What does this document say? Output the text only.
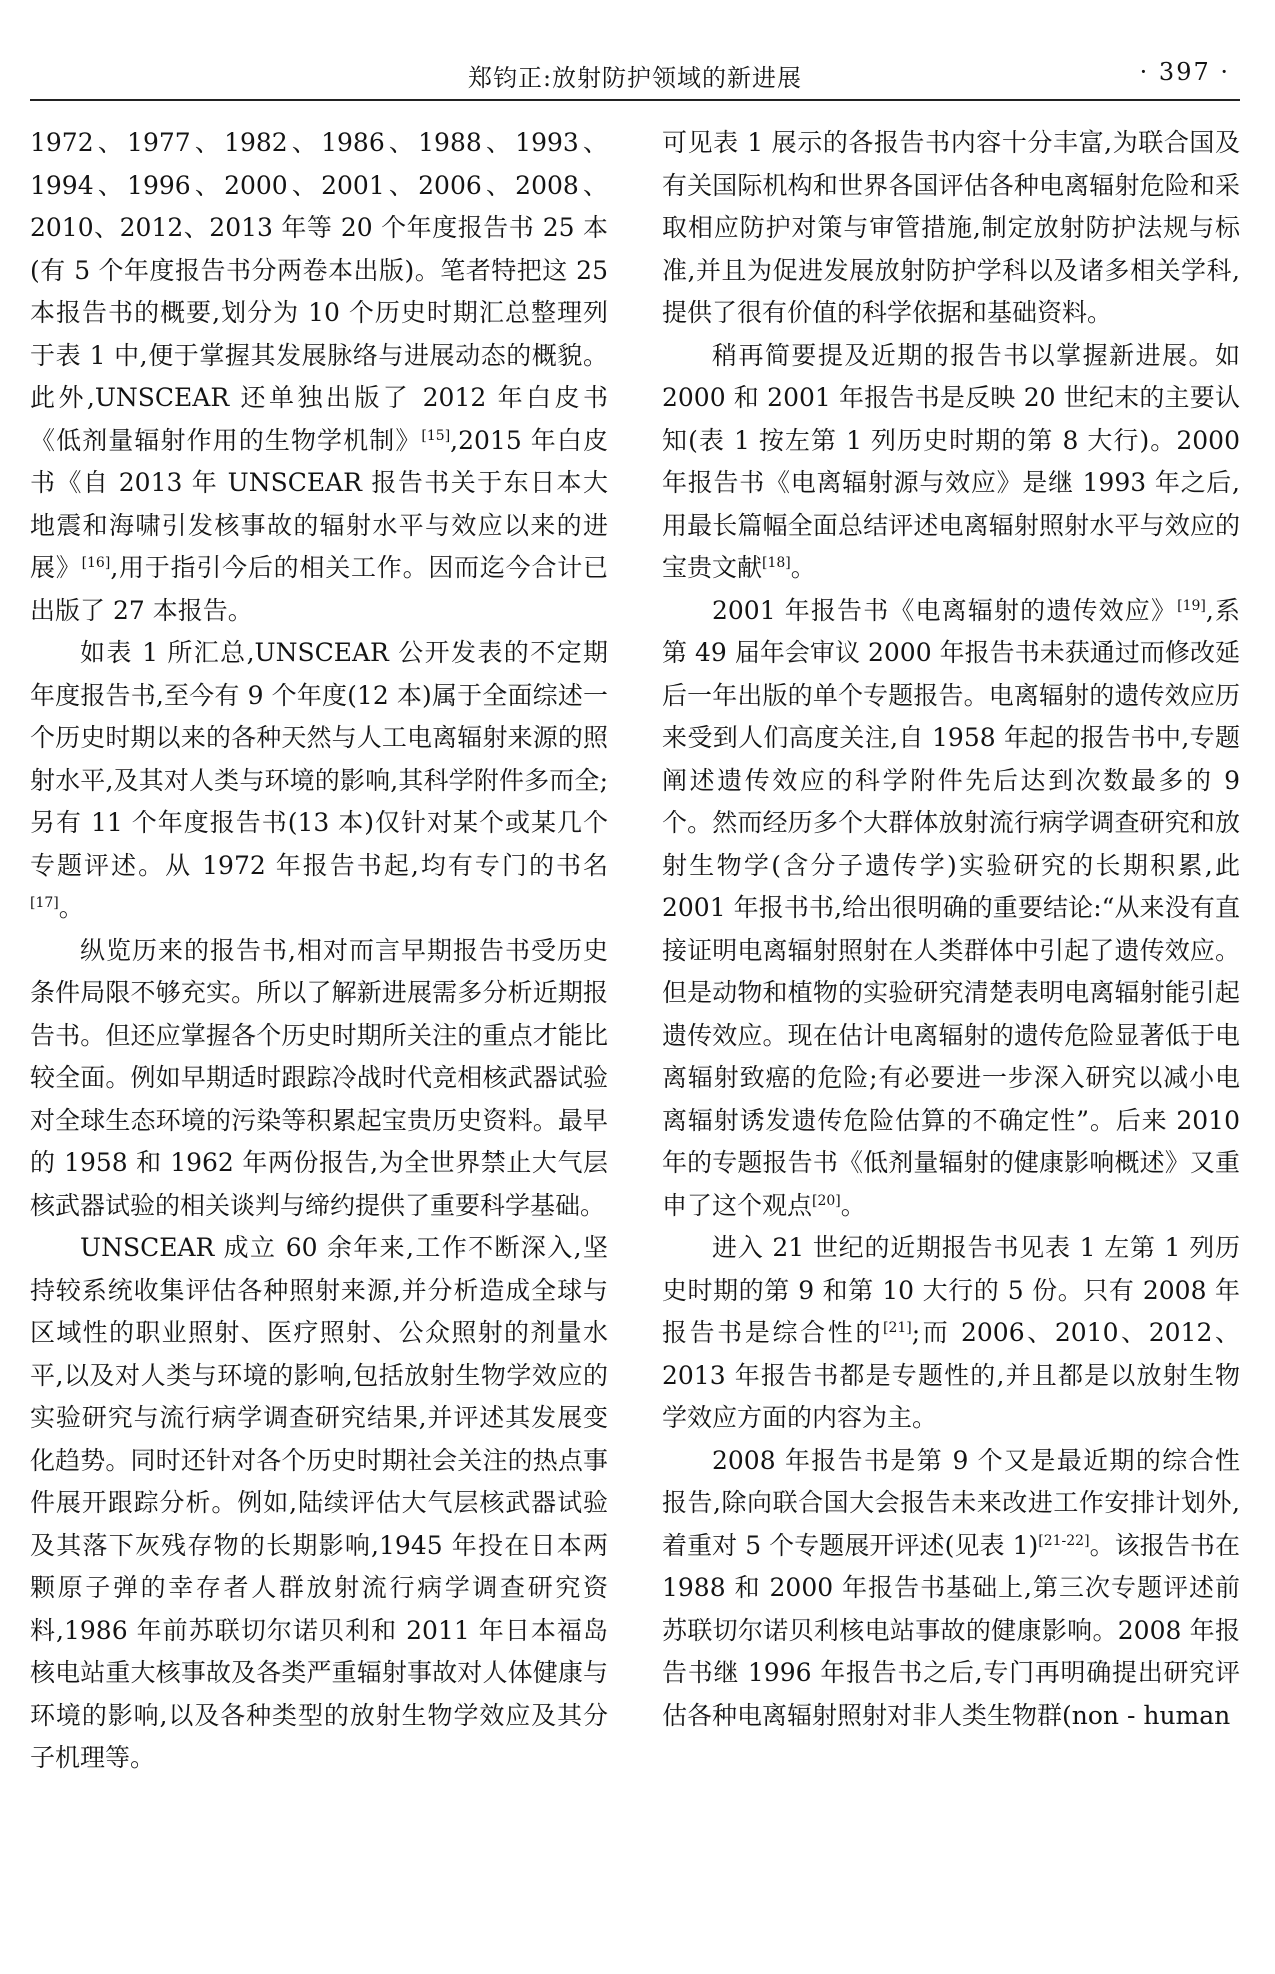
郑钧正:放射防护领域的新进展	· 397 ·

1972、1977、1982、1986、1988、1993、1994、1996、2000、2001、2006、2008、2010、2012、2013 年等 20 个年度报告书 25 本(有 5 个年度报告书分两卷本出版)。笔者特把这 25 本报告书的概要,划分为 10 个历史时期汇总整理列于表 1 中,便于掌握其发展脉络与进展动态的概貌。此外,UNSCEAR 还单独出版了 2012 年白皮书《低剂量辐射作用的生物学机制》[15],2015 年白皮书《自 2013 年 UNSCEAR 报告书关于东日本大地震和海啸引发核事故的辐射水平与效应以来的进展》[16],用于指引今后的相关工作。因而迄今合计已出版了 27 本报告。

如表 1 所汇总,UNSCEAR 公开发表的不定期年度报告书,至今有 9 个年度(12 本)属于全面综述一个历史时期以来的各种天然与人工电离辐射来源的照射水平,及其对人类与环境的影响,其科学附件多而全;另有 11 个年度报告书(13 本)仅针对某个或某几个专题评述。从 1972 年报告书起,均有专门的书名[17]。

纵览历来的报告书,相对而言早期报告书受历史条件局限不够充实。所以了解新进展需多分析近期报告书。但还应掌握各个历史时期所关注的重点才能比较全面。例如早期适时跟踪冷战时代竞相核武器试验对全球生态环境的污染等积累起宝贵历史资料。最早的 1958 和 1962 年两份报告,为全世界禁止大气层核武器试验的相关谈判与缔约提供了重要科学基础。

UNSCEAR 成立 60 余年来,工作不断深入,坚持较系统收集评估各种照射来源,并分析造成全球与区域性的职业照射、医疗照射、公众照射的剂量水平,以及对人类与环境的影响,包括放射生物学效应的实验研究与流行病学调查研究结果,并评述其发展变化趋势。同时还针对各个历史时期社会关注的热点事件展开跟踪分析。例如,陆续评估大气层核武器试验及其落下灰残存物的长期影响,1945 年投在日本两颗原子弹的幸存者人群放射流行病学调查研究资料,1986 年前苏联切尔诺贝利和 2011 年日本福岛核电站重大核事故及各类严重辐射事故对人体健康与环境的影响,以及各种类型的放射生物学效应及其分子机理等。

可见表 1 展示的各报告书内容十分丰富,为联合国及有关国际机构和世界各国评估各种电离辐射危险和采取相应防护对策与审管措施,制定放射防护法规与标准,并且为促进发展放射防护学科以及诸多相关学科,提供了很有价值的科学依据和基础资料。

稍再简要提及近期的报告书以掌握新进展。如 2000 和 2001 年报告书是反映 20 世纪末的主要认知(表 1 按左第 1 列历史时期的第 8 大行)。2000 年报告书《电离辐射源与效应》是继 1993 年之后,用最长篇幅全面总结评述电离辐射照射水平与效应的宝贵文献[18]。

2001 年报告书《电离辐射的遗传效应》[19],系第 49 届年会审议 2000 年报告书未获通过而修改延后一年出版的单个专题报告。电离辐射的遗传效应历来受到人们高度关注,自 1958 年起的报告书中,专题阐述遗传效应的科学附件先后达到次数最多的 9 个。然而经历多个大群体放射流行病学调查研究和放射生物学(含分子遗传学)实验研究的长期积累,此 2001 年报书书,给出很明确的重要结论:“从来没有直接证明电离辐射照射在人类群体中引起了遗传效应。但是动物和植物的实验研究清楚表明电离辐射能引起遗传效应。现在估计电离辐射的遗传危险显著低于电离辐射致癌的危险;有必要进一步深入研究以减小电离辐射诱发遗传危险估算的不确定性”。后来 2010 年的专题报告书《低剂量辐射的健康影响概述》又重申了这个观点[20]。

进入 21 世纪的近期报告书见表 1 左第 1 列历史时期的第 9 和第 10 大行的 5 份。只有 2008 年报告书是综合性的[21];而 2006、2010、2012、2013 年报告书都是专题性的,并且都是以放射生物学效应方面的内容为主。

2008 年报告书是第 9 个又是最近期的综合性报告,除向联合国大会报告未来改进工作安排计划外,着重对 5 个专题展开评述(见表 1)[21-22]。该报告书在 1988 和 2000 年报告书基础上,第三次专题评述前苏联切尔诺贝利核电站事故的健康影响。2008 年报告书继 1996 年报告书之后,专门再明确提出研究评估各种电离辐射照射对非人类生物群(non - human
